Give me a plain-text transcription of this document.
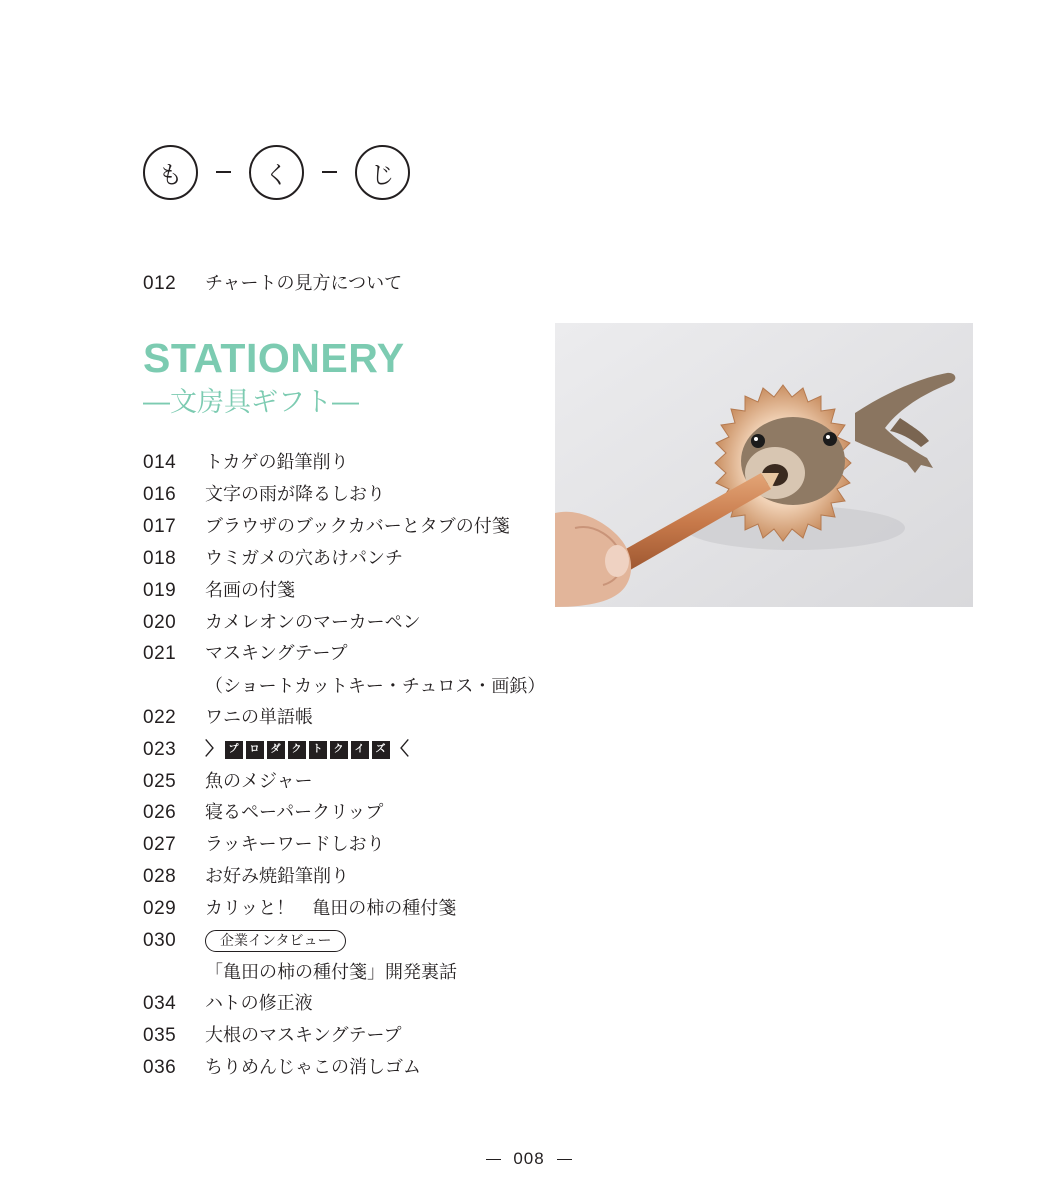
も	く	じ
012 チャートの見方について
STATIONERY
―文房具ギフト―
014 トカゲの鉛筆削り
016 文字の雨が降るしおり
017 ブラウザのブックカバーとタブの付箋
018 ウミガメの穴あけパンチ
019 名画の付箋
020 カメレオンのマーカーペン
021 マスキングテープ
（ショートカットキー・チュロス・画鋲）
022 ワニの単語帳
023 〉 プ	ロ	ダ	ク	ト	ク	イ	ズ 〈
025 魚のメジャー
026 寝るペーパークリップ
027 ラッキーワードしおり
028 お好み焼鉛筆削り
029 カリッと！　亀田の柿の種付箋
030	企業インタビュー
「亀田の柿の種付箋」開発裏話
034 ハトの修正液
035 大根のマスキングテープ
036 ちりめんじゃこの消しゴム
008
